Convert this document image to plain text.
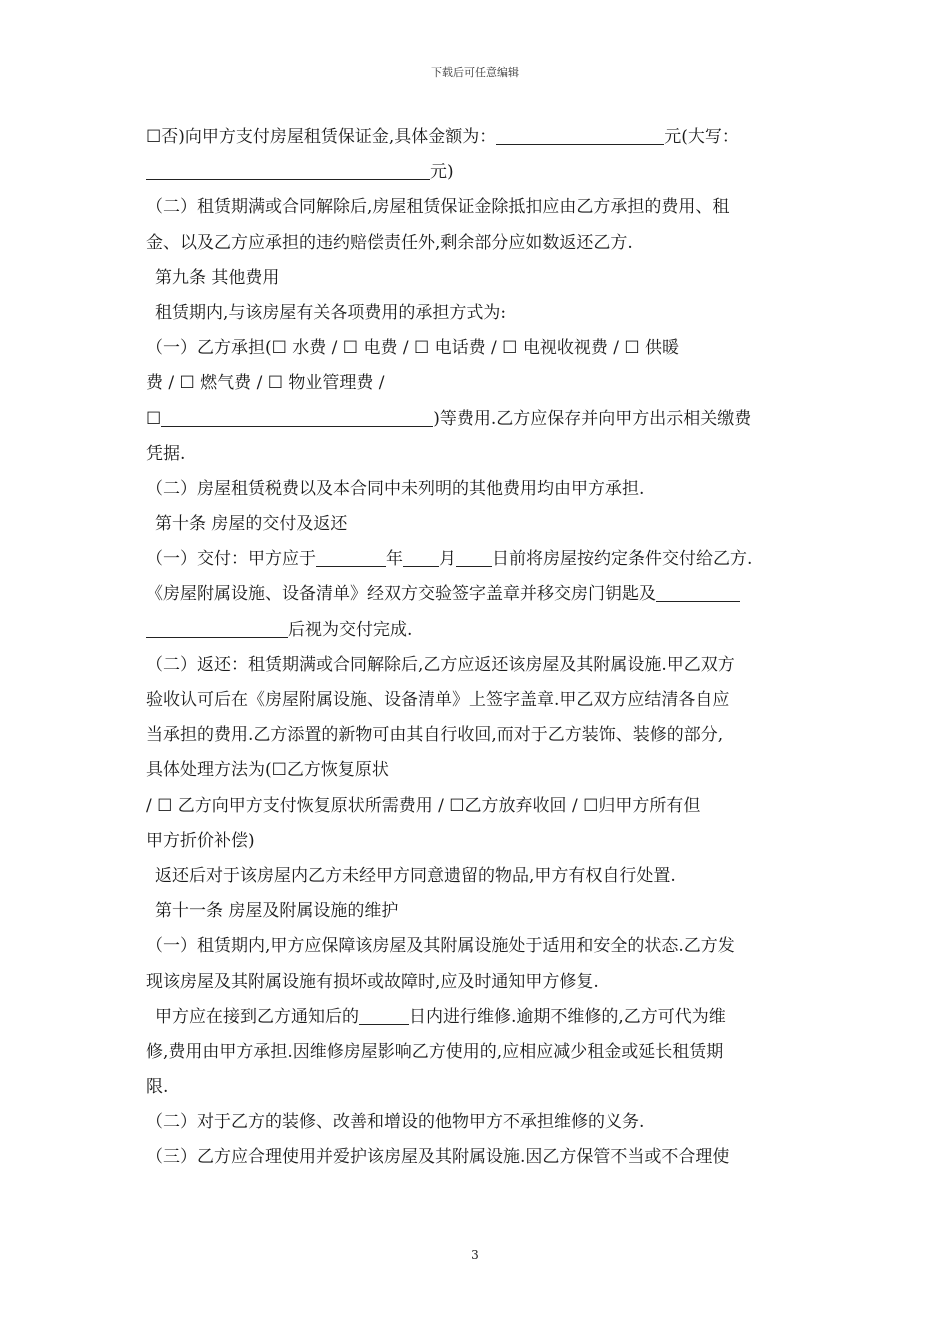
下载后可任意编辑
☐否)向甲方支付房屋租赁保证金,具体金额为：	元(大写：
元)
（二）租赁期满或合同解除后,房屋租赁保证金除抵扣应由乙方承担的费用、租
金、以及乙方应承担的违约赔偿责任外,剩余部分应如数返还乙方.
第九条 其他费用
租赁期内,与该房屋有关各项费用的承担方式为:
（一）乙方承担(☐ 水费 / ☐ 电费 / ☐ 电话费 / ☐ 电视收视费 / ☐ 供暖
费 / ☐ 燃气费 / ☐ 物业管理费 /
☐	)等费用.乙方应保存并向甲方出示相关缴费
凭据.
（二）房屋租赁税费以及本合同中未列明的其他费用均由甲方承担.
第十条 房屋的交付及返还
（一）交付：甲方应于	年 月 日前将房屋按约定条件交付给乙方.
《房屋附属设施、设备清单》经双方交验签字盖章并移交房门钥匙及
后视为交付完成.
（二）返还：租赁期满或合同解除后,乙方应返还该房屋及其附属设施.甲乙双方
验收认可后在《房屋附属设施、设备清单》上签字盖章.甲乙双方应结清各自应
当承担的费用.乙方添置的新物可由其自行收回,而对于乙方装饰、装修的部分,
具体处理方法为(☐乙方恢复原状
/ ☐ 乙方向甲方支付恢复原状所需费用 / ☐乙方放弃收回 / ☐归甲方所有但
甲方折价补偿)
返还后对于该房屋内乙方未经甲方同意遗留的物品,甲方有权自行处置.
第十一条 房屋及附属设施的维护
（一）租赁期内,甲方应保障该房屋及其附属设施处于适用和安全的状态.乙方发
现该房屋及其附属设施有损坏或故障时,应及时通知甲方修复.
甲方应在接到乙方通知后的	日内进行维修.逾期不维修的,乙方可代为维
修,费用由甲方承担.因维修房屋影响乙方使用的,应相应减少租金或延长租赁期
限.
（二）对于乙方的装修、改善和增设的他物甲方不承担维修的义务.
（三）乙方应合理使用并爱护该房屋及其附属设施.因乙方保管不当或不合理使
3
